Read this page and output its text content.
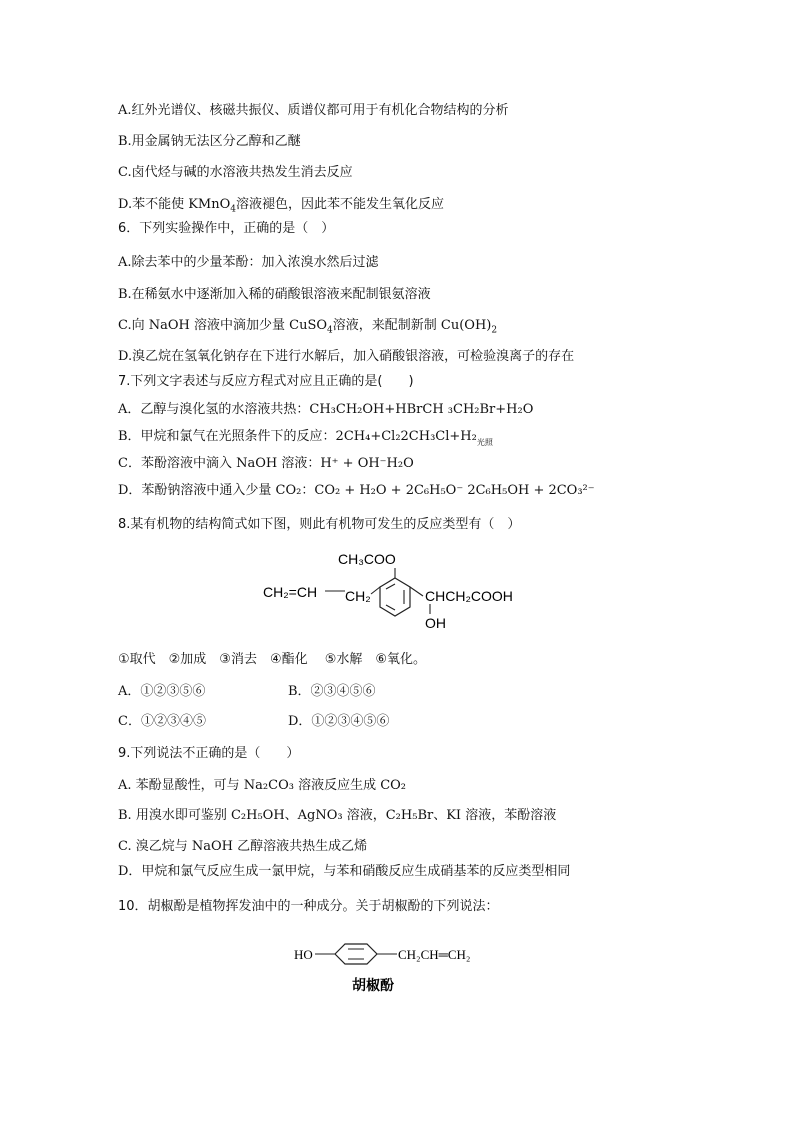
A.红外光谱仪、核磁共振仪、质谱仪都可用于有机化合物结构的分析
B.用金属钠无法区分乙醇和乙醚
C.卤代烃与碱的水溶液共热发生消去反应
D.苯不能使 KMnO$_4$溶液褪色，因此苯不能发生氧化反应
6．下列实验操作中，正确的是（　）
A.除去苯中的少量苯酚：加入浓溴水然后过滤
B.在稀氨水中逐渐加入稀的硝酸银溶液来配制银氨溶液
C.向 NaOH 溶液中滴加少量 CuSO$_4$溶液，来配制新制 $Cu(OH)_2$
D.溴乙烷在氢氧化钠存在下进行水解后，加入硝酸银溶液，可检验溴离子的存在
7.下列文字表述与反应方程式对应且正确的是(　　)
A．乙醇与溴化氢的水溶液共热：CH₃CH₂OH+HBrCH ₃CH₂Br+H₂O
B．甲烷和氯气在光照条件下的反应：$2CH_4+Cl_22CH_3Cl+H_2_{光照}$
C．苯酚溶液中滴入 NaOH 溶液：H⁺ + OH⁻H₂O
D．苯酚钠溶液中通入少量 CO₂：CO₂ + H₂O + 2C₆H₅O⁻ 2C₆H₅OH + 2CO₃²⁻
8.某有机物的结构简式如下图，则此有机物可发生的反应类型有（　）
CH₃COO
CH₂=CH CH₂	CHCH₂COOH
OH
①取代　②加成　③消去　④酯化　 ⑤水解　⑥氧化。
A．①②③⑤⑥	B．②③④⑤⑥
C．①②③④⑤	D．①②③④⑤⑥
9.下列说法不正确的是（　　）
A. 苯酚显酸性，可与 Na₂CO₃ 溶液反应生成 CO₂
B. 用溴水即可鉴别 C₂H₅OH、AgNO₃ 溶液，C₂H₅Br、KI 溶液，苯酚溶液
C. 溴乙烷与 NaOH 乙醇溶液共热生成乙烯
D．甲烷和氯气反应生成一氯甲烷，与苯和硝酸反应生成硝基苯的反应类型相同
10．胡椒酚是植物挥发油中的一种成分。关于胡椒酚的下列说法：
HO	CH₂CH═CH₂
胡椒酚
